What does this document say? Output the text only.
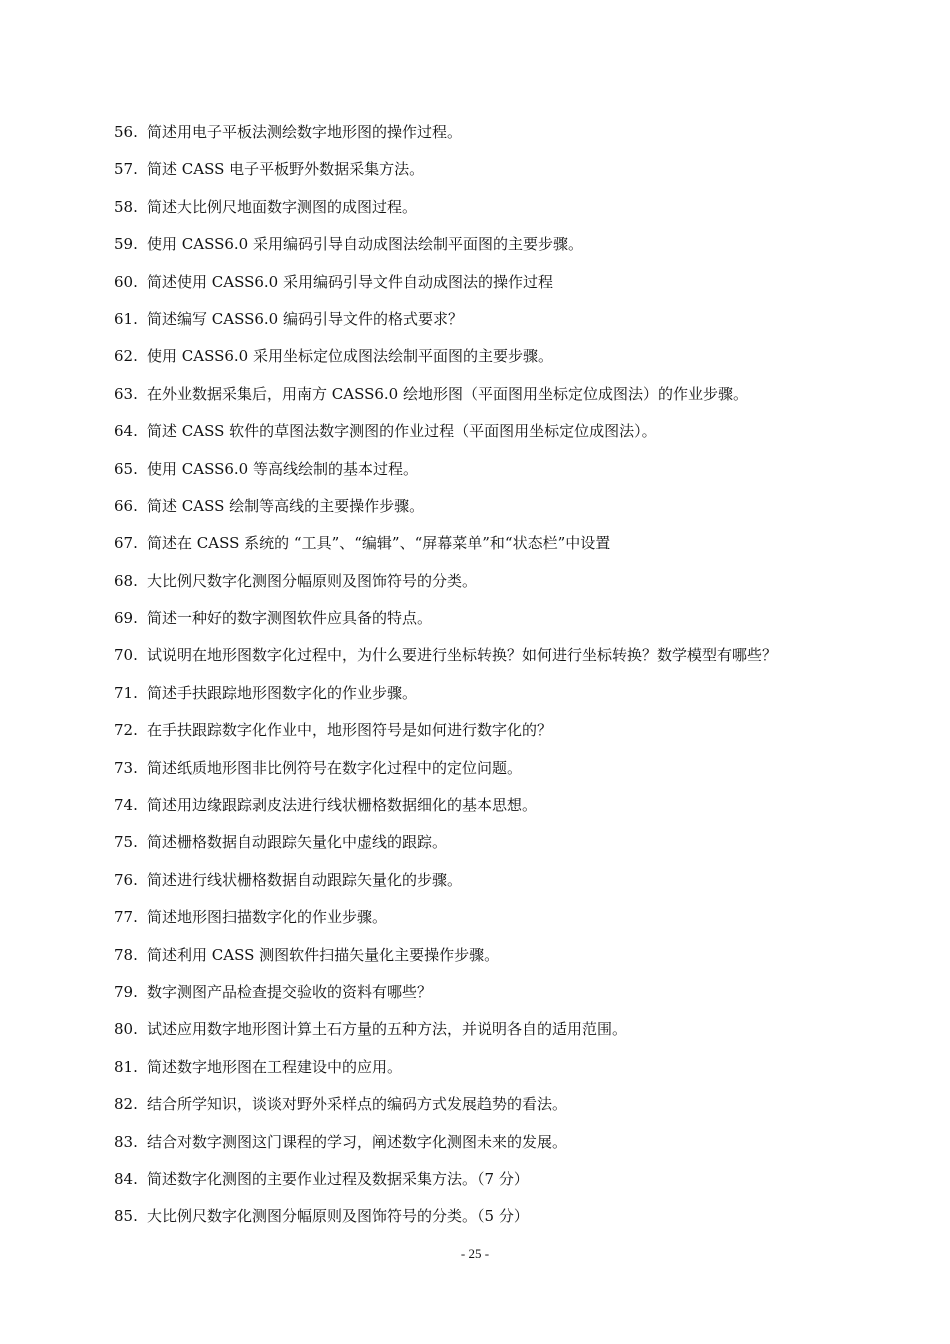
56. 简述用电子平板法测绘数字地形图的操作过程。
57. 简述 CASS 电子平板野外数据采集方法。
58. 简述大比例尺地面数字测图的成图过程。
59. 使用 CASS6.0 采用编码引导自动成图法绘制平面图的主要步骤。
60. 简述使用 CASS6.0 采用编码引导文件自动成图法的操作过程
61. 简述编写 CASS6.0 编码引导文件的格式要求？
62. 使用 CASS6.0 采用坐标定位成图法绘制平面图的主要步骤。
63. 在外业数据采集后，用南方 CASS6.0 绘地形图（平面图用坐标定位成图法）的作业步骤。
64. 简述 CASS 软件的草图法数字测图的作业过程（平面图用坐标定位成图法）。
65. 使用 CASS6.0 等高线绘制的基本过程。
66. 简述 CASS 绘制等高线的主要操作步骤。
67. 简述在 CASS 系统的 “工具”、“编辑”、“屏幕菜单”和“状态栏”中设置
68. 大比例尺数字化测图分幅原则及图饰符号的分类。
69. 简述一种好的数字测图软件应具备的特点。
70. 试说明在地形图数字化过程中，为什么要进行坐标转换？如何进行坐标转换？数学模型有哪些？
71. 简述手扶跟踪地形图数字化的作业步骤。
72. 在手扶跟踪数字化作业中，地形图符号是如何进行数字化的？
73. 简述纸质地形图非比例符号在数字化过程中的定位问题。
74. 简述用边缘跟踪剥皮法进行线状栅格数据细化的基本思想。
75. 简述栅格数据自动跟踪矢量化中虚线的跟踪。
76. 简述进行线状栅格数据自动跟踪矢量化的步骤。
77. 简述地形图扫描数字化的作业步骤。
78. 简述利用 CASS 测图软件扫描矢量化主要操作步骤。
79. 数字测图产品检查提交验收的资料有哪些？
80. 试述应用数字地形图计算土石方量的五种方法，并说明各自的适用范围。
81. 简述数字地形图在工程建设中的应用。
82. 结合所学知识，谈谈对野外采样点的编码方式发展趋势的看法。
83. 结合对数字测图这门课程的学习，阐述数字化测图未来的发展。
84. 简述数字化测图的主要作业过程及数据采集方法。（7 分）
85. 大比例尺数字化测图分幅原则及图饰符号的分类。（5 分）
- 25 -
